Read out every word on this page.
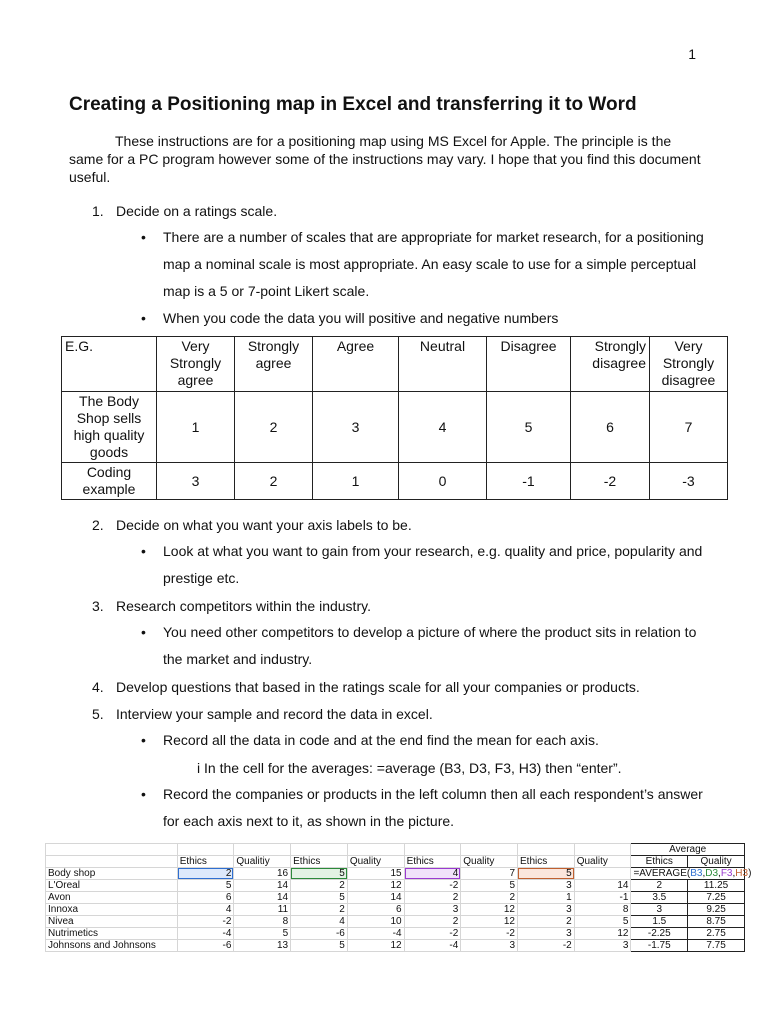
1
Creating a Positioning map in Excel and transferring it to Word

These instructions are for a positioning map using MS Excel for Apple. The principle is the same for a PC program however some of the instructions may vary. I hope that you find this document useful.

1. Decide on a ratings scale.
•	There are a number of scales that are appropriate for market research, for a positioning map a nominal scale is most appropriate. An easy scale to use for a simple perceptual map is a 5 or 7-point Likert scale.
•	When you code the data you will positive and negative numbers
E.G.	Very Strongly agree	Strongly agree	Agree	Neutral	Disagree	Strongly disagree	Very Strongly disagree
The Body Shop sells high quality goods	1	2	3	4	5	6	7
Coding example	3	2	1	0	-1	-2	-3
2. Decide on what you want your axis labels to be.
•	Look at what you want to gain from your research, e.g. quality and price, popularity and prestige etc.
3. Research competitors within the industry.
•	You need other competitors to develop a picture of where the product sits in relation to the market and industry.
4. Develop questions that based in the ratings scale for all your companies or products.
5. Interview your sample and record the data in excel.
•	Record all the data in code and at the end find the mean for each axis.
i In the cell for the averages: =average (B3, D3, F3, H3) then “enter”.
•	Record the companies or products in the left column then all each respondent’s answer for each axis next to it, as shown in the picture.
									Average	
	Ethics	Qualitiy	Ethics	Quality	Ethics	Quality	Ethics	Quality	Ethics	Quality
Body shop	2	16	5	15	4	7	5		=AVERAGE(B3,D3,F3,H3)	
L'Oreal	5	14	2	12	-2	5	3	14	2	11.25
Avon	6	14	5	14	2	2	1	-1	3.5	7.25
Innoxa	4	11	2	6	3	12	3	8	3	9.25
Nivea	-2	8	4	10	2	12	2	5	1.5	8.75
Nutrimetics	-4	5	-6	-4	-2	-2	3	12	-2.25	2.75
Johnsons and Johnsons	-6	13	5	12	-4	3	-2	3	-1.75	7.75
